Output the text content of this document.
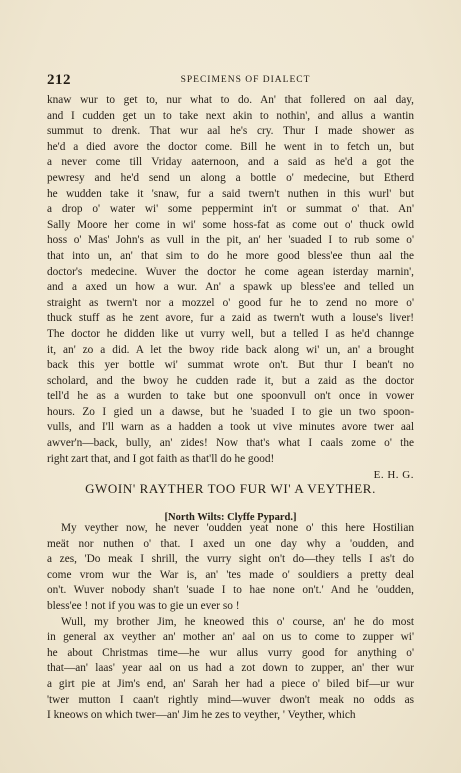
212	SPECIMENS OF DIALECT
knaw wur to get to, nur what to do. An' that follered on aal day,
and I cudden get un to take next akin to nothin', and allus a wantin
summut to drenk. That wur aal he's cry. Thur I made shower as
he'd a died avore the doctor come. Bill he went in to fetch un, but
a never come till Vriday aaternoon, and a said as he'd a got the
pewresy and he'd send un along a bottle o' medecine, but Etherd
he wudden take it 'snaw, fur a said twern't nuthen in this wurl' but
a drop o' water wi' some peppermint in't or summat o' that. An'
Sally Moore her come in wi' some hoss-fat as come out o' thuck owld
hoss o' Mas' John's as vull in the pit, an' her 'suaded I to rub some o'
that into un, an' that sim to do he more good bless'ee thun aal the
doctor's medecine. Wuver the doctor he come agean isterday marnin',
and a axed un how a wur. An' a spawk up bless'ee and telled un
straight as twern't nor a mozzel o' good fur he to zend no more o'
thuck stuff as he zent avore, fur a zaid as twern't wuth a louse's liver!
The doctor he didden like ut vurry well, but a telled I as he'd channge
it, an' zo a did. A let the bwoy ride back along wi' un, an' a brought
back this yer bottle wi' summat wrote on't. But thur I bean't no
scholard, and the bwoy he cudden rade it, but a zaid as the doctor
tell'd he as a wurden to take but one spoonvull on't once in vower
hours. Zo I gied un a dawse, but he 'suaded I to gie un two spoon-
vulls, and I'll warn as a hadden a took ut vive minutes avore twer aal
awver'n—back, bully, an' zides! Now that's what I caals zome o' the
right zart that, and I got faith as that'll do he good!
E. H. G.
GWOIN' RAYTHER TOO FUR WI' A VEYTHER.
[North Wilts: Clyffe Pypard.]
My veyther now, he never 'oudden yeat none o' this here Hostilian
meät nor nuthen o' that. I axed un one day why a 'oudden, and
a zes, 'Do meak I shrill, the vurry sight on't do—they tells I as't do
come vrom wur the War is, an' 'tes made o' souldiers a pretty deal
on't. Wuver nobody shan't 'suade I to hae none on't.' And he 'oudden,
bless'ee ! not if you was to gie un ever so !
Wull, my brother Jim, he kneowed this o' course, an' he do most
in general ax veyther an' mother an' aal on us to come to zupper wi'
he about Christmas time—he wur allus vurry good for anything o'
that—an' laas' year aal on us had a zot down to zupper, an' ther wur
a girt pie at Jim's end, an' Sarah her had a piece o' biled bif—ur wur
'twer mutton I caan't rightly mind—wuver dwon't meak no odds as
I kneows on which twer—an' Jim he zes to veyther, ' Veyther, which
